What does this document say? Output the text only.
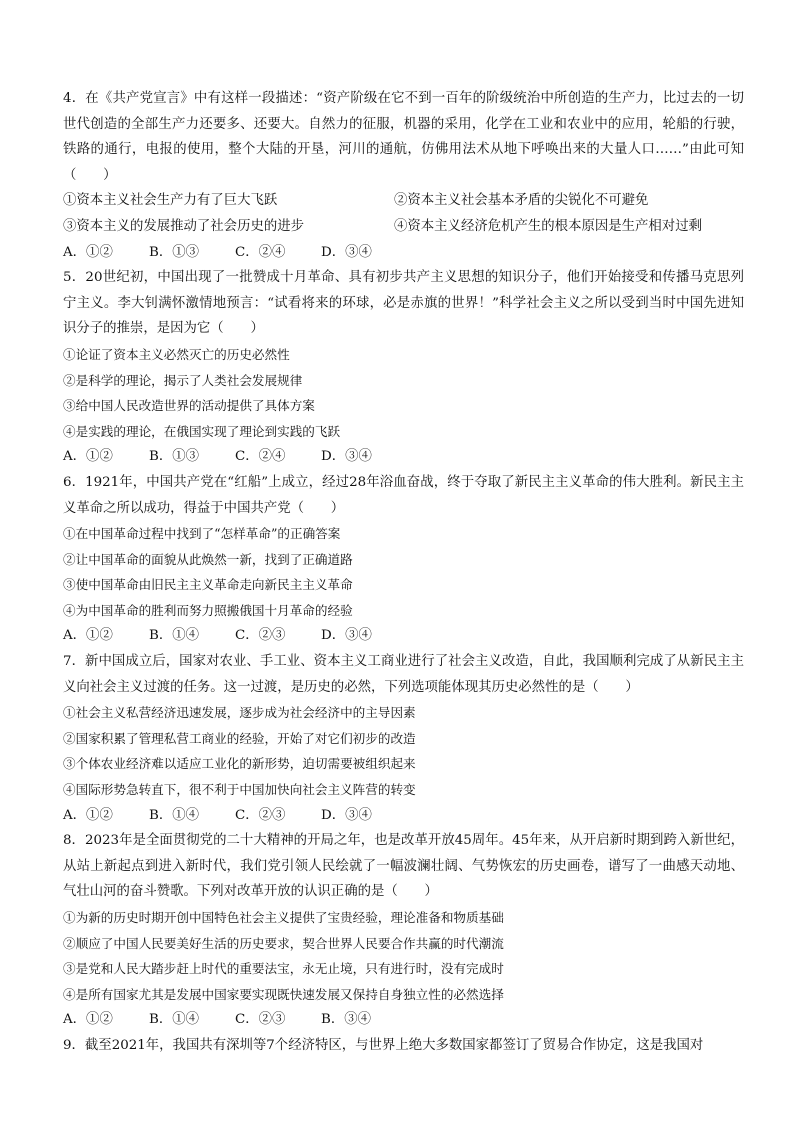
4．在《共产党宣言》中有这样一段描述：“资产阶级在它不到一百年的阶级统治中所创造的生产力，比过去的一切世代创造的全部生产力还要多、还要大。自然力的征服，机器的采用，化学在工业和农业中的应用，轮船的行驶，铁路的通行，电报的使用，整个大陆的开垦，河川的通航，仿佛用法术从地下呼唤出来的大量人口……”由此可知（　　）
①资本主义社会生产力有了巨大飞跃	②资本主义社会基本矛盾的尖锐化不可避免
③资本主义的发展推动了社会历史的进步	④资本主义经济危机产生的根本原因是生产相对过剩
A．①②	B．①③	C．②④	D．③④
5．20世纪初，中国出现了一批赞成十月革命、具有初步共产主义思想的知识分子，他们开始接受和传播马克思列宁主义。李大钊满怀激情地预言：“试看将来的环球，必是赤旗的世界！”科学社会主义之所以受到当时中国先进知识分子的推崇，是因为它（　　）
①论证了资本主义必然灭亡的历史必然性
②是科学的理论，揭示了人类社会发展规律
③给中国人民改造世界的活动提供了具体方案
④是实践的理论，在俄国实现了理论到实践的飞跃
A．①②	B．①③	C．②④	D．③④
6．1921年，中国共产党在“红船”上成立，经过28年浴血奋战，终于夺取了新民主主义革命的伟大胜利。新民主主义革命之所以成功，得益于中国共产党（　　）
①在中国革命过程中找到了“怎样革命”的正确答案
②让中国革命的面貌从此焕然一新，找到了正确道路
③使中国革命由旧民主主义革命走向新民主主义革命
④为中国革命的胜利而努力照搬俄国十月革命的经验
A．①②	B．①④	C．②③	D．③④
7．新中国成立后，国家对农业、手工业、资本主义工商业进行了社会主义改造，自此，我国顺利完成了从新民主主义向社会主义过渡的任务。这一过渡，是历史的必然，下列选项能体现其历史必然性的是（　　）
①社会主义私营经济迅速发展，逐步成为社会经济中的主导因素
②国家积累了管理私营工商业的经验，开始了对它们初步的改造
③个体农业经济难以适应工业化的新形势，迫切需要被组织起来
④国际形势急转直下，很不利于中国加快向社会主义阵营的转变
A．①②	B．①④	C．②③	D．③④
8．2023年是全面贯彻党的二十大精神的开局之年，也是改革开放45周年。45年来，从开启新时期到跨入新世纪，从站上新起点到进入新时代，我们党引领人民绘就了一幅波澜壮阔、气势恢宏的历史画卷，谱写了一曲感天动地、气壮山河的奋斗赞歌。下列对改革开放的认识正确的是（　　）
①为新的历史时期开创中国特色社会主义提供了宝贵经验，理论准备和物质基础
②顺应了中国人民要美好生活的历史要求，契合世界人民要合作共赢的时代潮流
③是党和人民大踏步赶上时代的重要法宝，永无止境，只有进行时，没有完成时
④是所有国家尤其是发展中国家要实现既快速发展又保持自身独立性的必然选择
A．①②	B．①④	C．②③	B．③④
9．截至2021年，我国共有深圳等7个经济特区，与世界上绝大多数国家都签订了贸易合作协定，这是我国对
